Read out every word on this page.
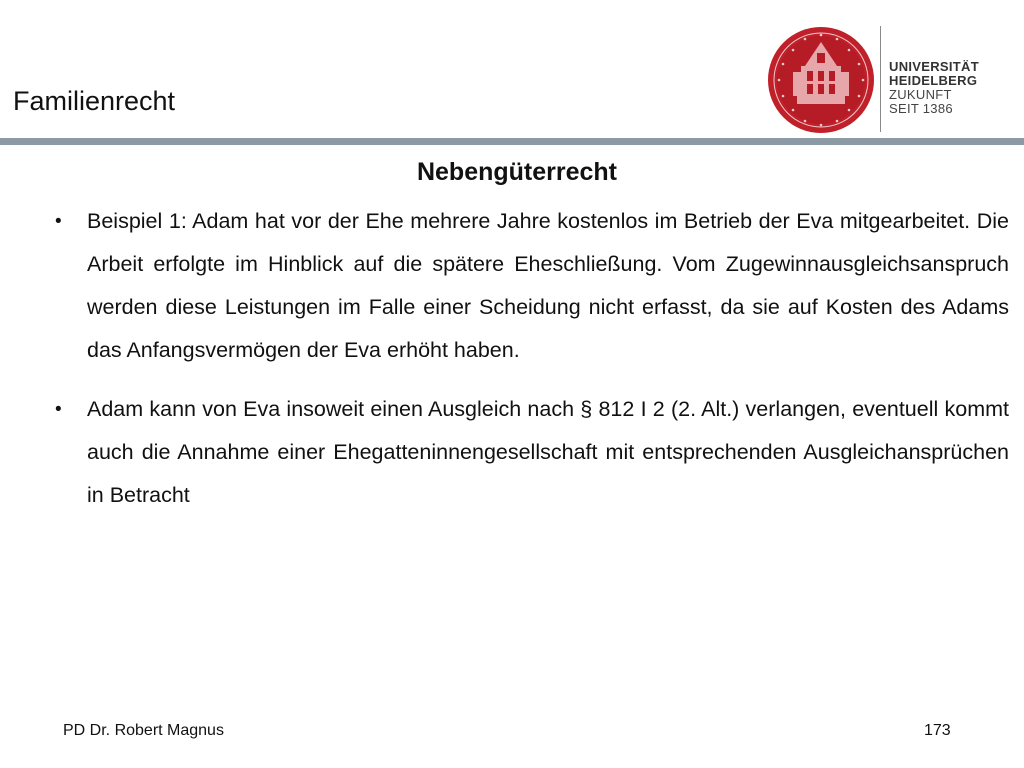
Familienrecht
UNIVERSITÄT
HEIDELBERG
ZUKUNFT
SEIT 1386
Nebengüterrecht
• Beispiel 1: Adam hat vor der Ehe mehrere Jahre kostenlos im Betrieb der Eva mitgearbeitet. Die Arbeit erfolgte im Hinblick auf die spätere Eheschließung. Vom Zugewinnausgleichsanspruch werden diese Leistungen im Falle einer Scheidung nicht erfasst, da sie auf Kosten des Adams das Anfangsvermögen der Eva erhöht haben.
• Adam kann von Eva insoweit einen Ausgleich nach § 812 I 2 (2. Alt.) verlangen, eventuell kommt auch die Annahme einer Ehegatteninnengesellschaft mit entsprechenden Ausgleichansprüchen in Betracht
PD Dr. Robert Magnus	173
